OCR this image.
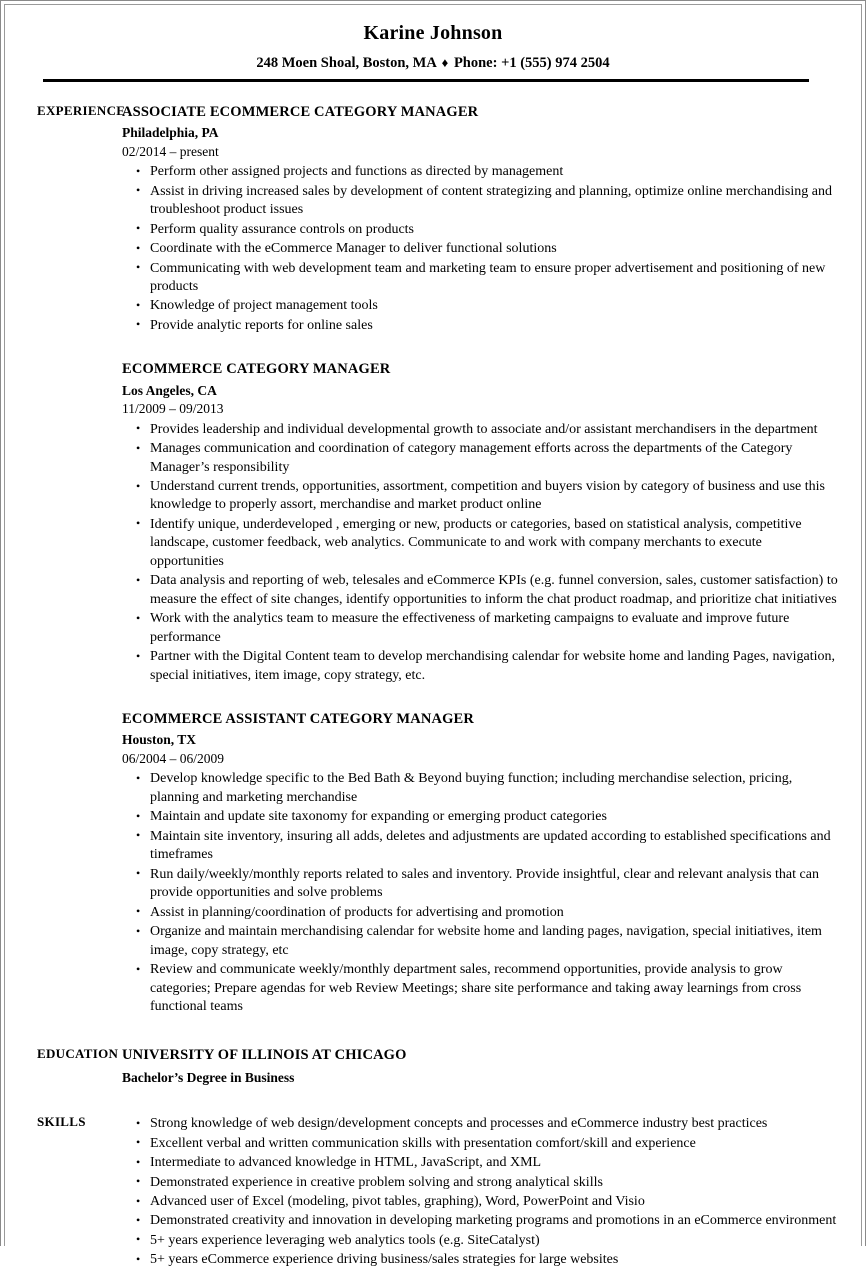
Karine Johnson
248 Moen Shoal, Boston, MA ♦ Phone: +1 (555) 974 2504
EXPERIENCE
ASSOCIATE ECOMMERCE CATEGORY MANAGER
Philadelphia, PA
02/2014 – present
• Perform other assigned projects and functions as directed by management
• Assist in driving increased sales by development of content strategizing and planning, optimize online merchandising and troubleshoot product issues
• Perform quality assurance controls on products
• Coordinate with the eCommerce Manager to deliver functional solutions
• Communicating with web development team and marketing team to ensure proper advertisement and positioning of new products
• Knowledge of project management tools
• Provide analytic reports for online sales
ECOMMERCE CATEGORY MANAGER
Los Angeles, CA
11/2009 – 09/2013
• Provides leadership and individual developmental growth to associate and/or assistant merchandisers in the department
• Manages communication and coordination of category management efforts across the departments of the Category Manager’s responsibility
• Understand current trends, opportunities, assortment, competition and buyers vision by category of business and use this knowledge to properly assort, merchandise and market product online
• Identify unique, underdeveloped , emerging or new, products or categories, based on statistical analysis, competitive landscape, customer feedback, web analytics. Communicate to and work with company merchants to execute opportunities
• Data analysis and reporting of web, telesales and eCommerce KPIs (e.g. funnel conversion, sales, customer satisfaction) to measure the effect of site changes, identify opportunities to inform the chat product roadmap, and prioritize chat initiatives
• Work with the analytics team to measure the effectiveness of marketing campaigns to evaluate and improve future performance
• Partner with the Digital Content team to develop merchandising calendar for website home and landing Pages, navigation, special initiatives, item image, copy strategy, etc.
ECOMMERCE ASSISTANT CATEGORY MANAGER
Houston, TX
06/2004 – 06/2009
• Develop knowledge specific to the Bed Bath & Beyond buying function; including merchandise selection, pricing, planning and marketing merchandise
• Maintain and update site taxonomy for expanding or emerging product categories
• Maintain site inventory, insuring all adds, deletes and adjustments are updated according to established specifications and timeframes
• Run daily/weekly/monthly reports related to sales and inventory. Provide insightful, clear and relevant analysis that can provide opportunities and solve problems
• Assist in planning/coordination of products for advertising and promotion
• Organize and maintain merchandising calendar for website home and landing pages, navigation, special initiatives, item image, copy strategy, etc
• Review and communicate weekly/monthly department sales, recommend opportunities, provide analysis to grow categories; Prepare agendas for web Review Meetings; share site performance and taking away learnings from cross functional teams
EDUCATION UNIVERSITY OF ILLINOIS AT CHICAGO
Bachelor’s Degree in Business
SKILLS	• Strong knowledge of web design/development concepts and processes and eCommerce industry best practices
• Excellent verbal and written communication skills with presentation comfort/skill and experience
• Intermediate to advanced knowledge in HTML, JavaScript, and XML
• Demonstrated experience in creative problem solving and strong analytical skills
• Advanced user of Excel (modeling, pivot tables, graphing), Word, PowerPoint and Visio
• Demonstrated creativity and innovation in developing marketing programs and promotions in an eCommerce environment
• 5+ years experience leveraging web analytics tools (e.g. SiteCatalyst)
• 5+ years eCommerce experience driving business/sales strategies for large websites
